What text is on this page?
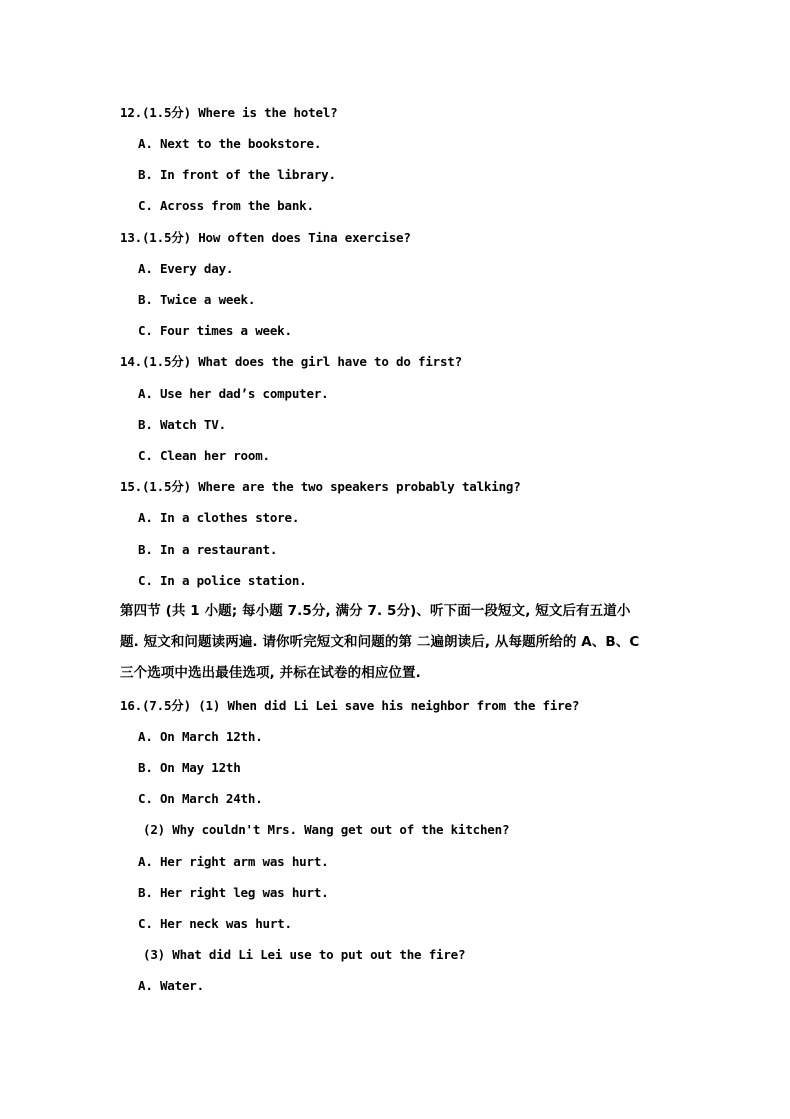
12.(1.5分) Where is the hotel?
A. Next to the bookstore.
B. In front of the library.
C. Across from the bank.
13.(1.5分) How often does Tina exercise?
A. Every day.
B. Twice a week.
C. Four times a week.
14.(1.5分) What does the girl have to do first?
A. Use her dad’s computer.
B. Watch TV.
C. Clean her room.
15.(1.5分) Where are the two speakers probably talking?
A. In a clothes store.
B. In a restaurant.
C. In a police station.
第四节 (共 1 小题; 每小题 7.5分, 满分 7. 5分)、听下面一段短文, 短文后有五道小
题. 短文和问题读两遍. 请你听完短文和问题的第 二遍朗读后, 从每题所给的 A、B、C
三个选项中选出最佳选项, 并标在试卷的相应位置.
16.(7.5分) (1) When did Li Lei save his neighbor from the fire?
A. On March 12th.
B. On May 12th
C. On March 24th.
(2) Why couldn't Mrs. Wang get out of the kitchen?
A. Her right arm was hurt.
B. Her right leg was hurt.
C. Her neck was hurt.
(3) What did Li Lei use to put out the fire?
A. Water.
